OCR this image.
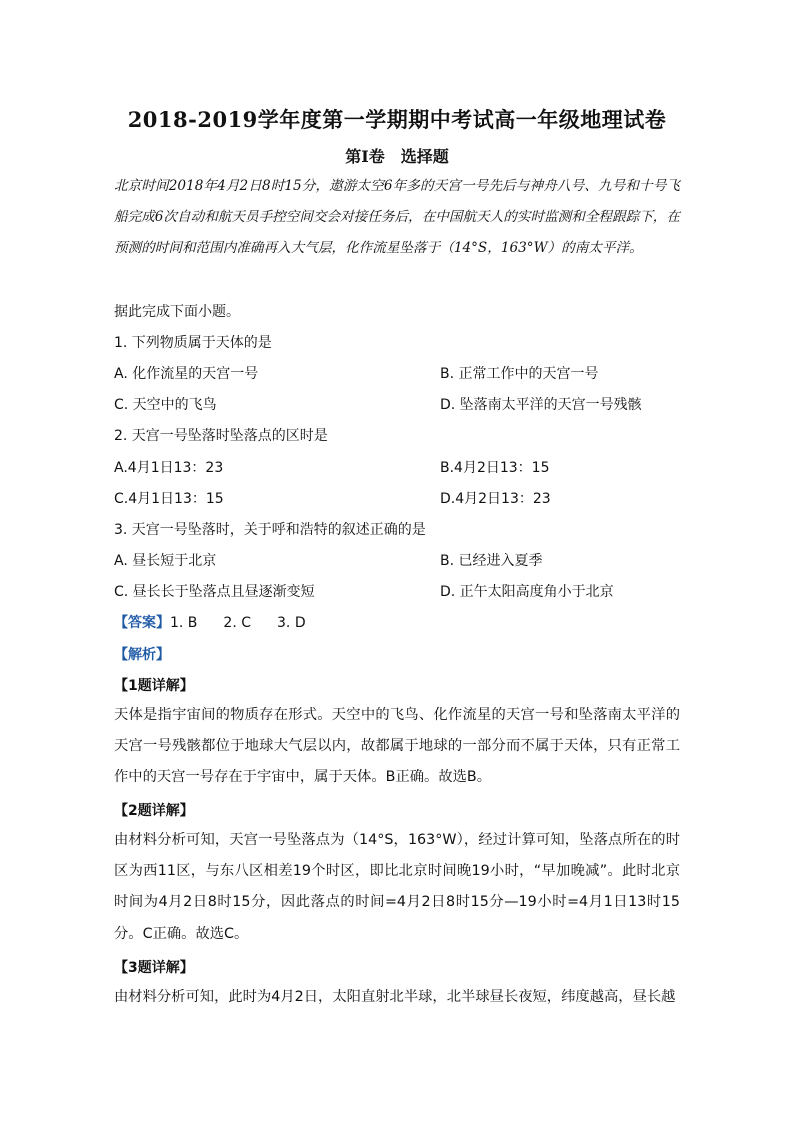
2018-2019学年度第一学期期中考试高一年级地理试卷
第Ⅰ卷　选择题
北京时间2018年4月2日8时15分，遨游太空6年多的天宫一号先后与神舟八号、九号和十号飞船完成6次自动和航天员手控空间交会对接任务后，在中国航天人的实时监测和全程跟踪下，在预测的时间和范围内准确再入大气层，化作流星坠落于（14°S，163°W）的南太平洋。
据此完成下面小题。
1. 下列物质属于天体的是
A. 化作流星的天宫一号	B. 正常工作中的天宫一号
C. 天空中的飞鸟	D. 坠落南太平洋的天宫一号残骸
2. 天宫一号坠落时坠落点的区时是
A.4月1日13：23	B.4月2日13：15
C.4月1日13：15	D.4月2日13：23
3. 天宫一号坠落时，关于呼和浩特的叙述正确的是
A. 昼长短于北京	B. 已经进入夏季
C. 昼长长于坠落点且昼逐渐变短	D. 正午太阳高度角小于北京
【答案】1. B 2. C 3. D
【解析】
【1题详解】
天体是指宇宙间的物质存在形式。天空中的飞鸟、化作流星的天宫一号和坠落南太平洋的天宫一号残骸都位于地球大气层以内，故都属于地球的一部分而不属于天体，只有正常工作中的天宫一号存在于宇宙中，属于天体。B正确。故选B。
【2题详解】
由材料分析可知，天宫一号坠落点为（14°S，163°W），经过计算可知，坠落点所在的时区为西11区，与东八区相差19个时区，即比北京时间晚19小时，“早加晚减”。此时北京时间为4月2日8时15分，因此落点的时间=4月2日8时15分—19小时=4月1日13时15分。C正确。故选C。
【3题详解】
由材料分析可知，此时为4月2日，太阳直射北半球，北半球昼长夜短，纬度越高，昼长越
